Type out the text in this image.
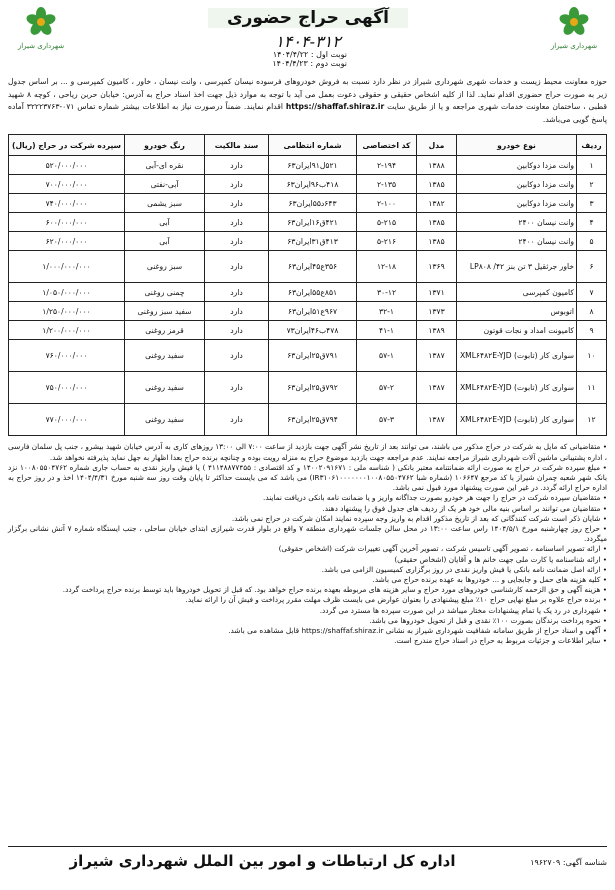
شهرداری شیراز
آگهی حراج حضوری
۱۴۰۴-۳۱۲
نوبت اول : ۱۴۰۴/۴/۲۲ نوبت دوم : ۱۴۰۴/۴/۲۳
شهرداری شیراز
حوزه معاونت محیط زیست و خدمات شهری شهرداری شیراز در نظر دارد نسبت به فروش خودروهای فرسوده نیسان کمپرسی ، وانت نیسان ، خاور ، کامیون کمپرسی و ... بر اساس جدول زیر به صورت حراج حضوری اقدام نماید. لذا از کلیه اشخاص حقیقی و حقوقی دعوت بعمل می آید با توجه به موارد ذیل جهت اخذ اسناد حراج به آدرس: خیابان حربن ریاحی ، کوچه ۸ شهید قطبی ، ساختمان معاونت خدمات شهری مراجعه و یا از طریق سایت https://shaffaf.shiraz.ir اقدام نمایند. ضمناً درصورت نیاز به اطلاعات بیشتر شماره تماس ۰۷۱-۳۲۲۲۳۷۶۳ آماده پاسخ گویی می‌باشد.
ردیف	نوع خودرو	مدل	کد اختصاصی	شماره انتظامی	سند مالکیت	رنگ خودرو	سپرده شرکت در حراج (ریال)
۱	وانت مزدا دوکابین	۱۳۸۸	۲-۱۹۴	۵۲۱ل۹۱ایران۶۳	دارد	نقره ای-آبی	۵۲۰/۰۰۰/۰۰۰
۲	وانت مزدا دوکابین	۱۳۸۵	۲-۱۳۵	۴۱۸ب۹۶ایران۶۳	دارد	آبی-نفتی	۷۰۰/۰۰۰/۰۰۰
۳	وانت مزدا دوکابین	۱۳۸۲	۲-۱۰۰	۶۴۳د۵۵ایران۶۳	دارد	سبز یشمی	۷۴۰/۰۰۰/۰۰۰
۴	وانت نیسان ۲۴۰۰	۱۳۸۵	۵-۲۱۵	۴۲۱ق۱۶ایران۶۳	دارد	آبی	۶۰۰/۰۰۰/۰۰۰
۵	وانت نیسان ۲۴۰۰	۱۳۸۵	۵-۲۱۶	۴۱۳ق۳۱ایران۶۳	دارد	آبی	۶۲۰/۰۰۰/۰۰۰
۶	خاور جرثقیل ۳ تن بنز ۴۲/ LP۸۰۸	۱۳۶۹	۱۲-۱۸	۳۵۶ع۴۵ایران۶۳	دارد	سبز روغنی	۱/۰۰۰/۰۰۰/۰۰۰
۷	کامیون کمپرسی	۱۳۷۱	۳۰-۱۲	۸۵۱ع۵۵ایران۶۳	دارد	چمنی روغنی	۱/۰۵۰/۰۰۰/۰۰۰
۸	اتوبوس	۱۳۷۳	۳۲-۱	۹۶۷ع۵۱ایران۶۳	دارد	سفید سبز روغنی	۱/۲۵۰/۰۰۰/۰۰۰
۹	کامیونت امداد و نجات قوتون	۱۳۸۹	۴۱-۱	۴۷۸ب۴۶ایران۷۳	دارد	قرمز روغنی	۱/۲۰۰/۰۰۰/۰۰۰
۱۰	سواری کار (تابوت) XML۶۴۸۲E-YJD	۱۳۸۷	۵۷-۱	۷۹۱ق۲۵ایران۶۳	دارد	سفید روغنی	۷۶۰/۰۰۰/۰۰۰
۱۱	سواری کار (تابوت) XML۶۴۸۲E-YJD	۱۳۸۷	۵۷-۲	۷۹۲ق۲۵ایران۶۳	دارد	سفید روغنی	۷۵۰/۰۰۰/۰۰۰
۱۲	سواری کار (تابوت) XML۶۴۸۲E-YJD	۱۳۸۷	۵۷-۳	۷۹۴ق۲۵ایران۶۳	دارد	سفید روغنی	۷۷۰/۰۰۰/۰۰۰

• متقاضیانی که مایل به شرکت در حراج مذکور می باشند، می توانند بعد از تاریخ نشر آگهی جهت بازدید از ساعت ۷:۰۰ الی ۱۳:۰۰ روزهای کاری به آدرس خیابان شهید بیشرو ، جنب پل سلمان فارسی ، اداره پشتیبانی ماشین آلات شهرداری شیراز مراجعه نمایند. عدم مراجعه جهت بازدید موضوع حراج به منزله رویت بوده و چنانچه برنده حراج بعدا اظهار به جهل نماید پذیرفته نخواهد شد.

• مبلغ سپرده شرکت در حراج به صورت ارائه ضمانتنامه معتبر بانکی ( شناسه ملی : ۱۴۰۰۲۰۹۱۶۷۱ و کد اقتصادی : ۴۱۱۴۸۸۷۷۴۵۵ ) یا فیش واریز نقدی به حساب جاری شماره ۱۰۰۸۰۵۵۰۴۷۶۲ نزد بانک شهر شعبه چمران شیراز با کد مرجع ۱۰۶۶۴۷ (شماره شبا IR۳۱۰۶۱۰۰۰۰۰۰۰۱۰۰۸۰۵۵۰۴۷۶۲) می باشد که می بایست حداکثر تا پایان وقت روز سه شنبه مورخ ۱۴۰۴/۴/۳۱ اخذ و در روز حراج به اداره حراج ارائه گردد. در غیر این صورت پیشنهاد مورد قبول نمی باشد.

• متقاضیان سپرده شرکت در حراج را جهت هر خودرو بصورت جداگانه واریز و یا ضمانت نامه بانکی دریافت نمایند.

• متقاضیان می توانند بر اساس بنیه مالی خود هر یک از ردیف های جدول فوق را پیشنهاد دهند.

• شایان ذکر است شرکت کنندگانی که بعد از تاریخ مذکور اقدام به واریز وجه سپرده نمایند امکان شرکت در حراج نمی باشد.

• حراج روز چهارشنبه مورخ ۱۴۰۴/۵/۱ راس ساعت ۱۳:۰۰ در محل سالن جلسات شهرداری منطقه ۷ واقع در بلوار قدرت شیرازی ابتدای خیابان ساحلی ، جنب ایستگاه شماره ۷ آتش نشانی برگزار میگردد.

• ارائه تصویر اساسنامه ، تصویر آگهی تاسیس شرکت ، تصویر آخرین آگهی تغییرات شرکت (اشخاص حقوقی)

• ارائه شناسنامه یا کارت ملی جهت خانم ها و آقایان (اشخاص حقیقی)

• ارائه اصل ضمانت نامه بانکی یا فیش واریز نقدی در روز برگزاری کمیسیون الزامی می باشد.

• کلیه هزینه های حمل و جابجایی و ... خودروها به عهده برنده حراج می باشد.

• هزینه آگهی و حق الزحمه کارشناسی خودروهای مورد حراج و سایر هزینه های مربوطه بعهده برنده حراج خواهد بود. که قبل از تحویل خودروها باید توسط برنده حراج پرداخت گردد.

• برنده حراج علاوه بر مبلغ نهایی حراج ۱۰٪ مبلغ پیشنهادی را بعنوان عوارض می بایست ظرف مهلت مقرر پرداخت و فیش آن را ارائه نماید.

• شهرداری در رد یک یا تمام پیشنهادات مختار میباشد در این صورت سپرده ها مسترد می گردد.

• نحوه پرداخت برندگان بصورت ۱۰۰٪ نقدی و قبل از تحویل خودروها می باشد.

• آگهی و اسناد حراج از طریق سامانه شفافیت شهرداری شیراز به نشانی https://shaffaf.shiraz.ir قابل مشاهده می باشد.

• سایر اطلاعات و جزئیات مربوط به حراج در اسناد حراج مندرج است.

شناسه آگهی: ۱۹۶۲۷۰۹
اداره کل ارتباطات و امور بین الملل شهرداری شیراز
